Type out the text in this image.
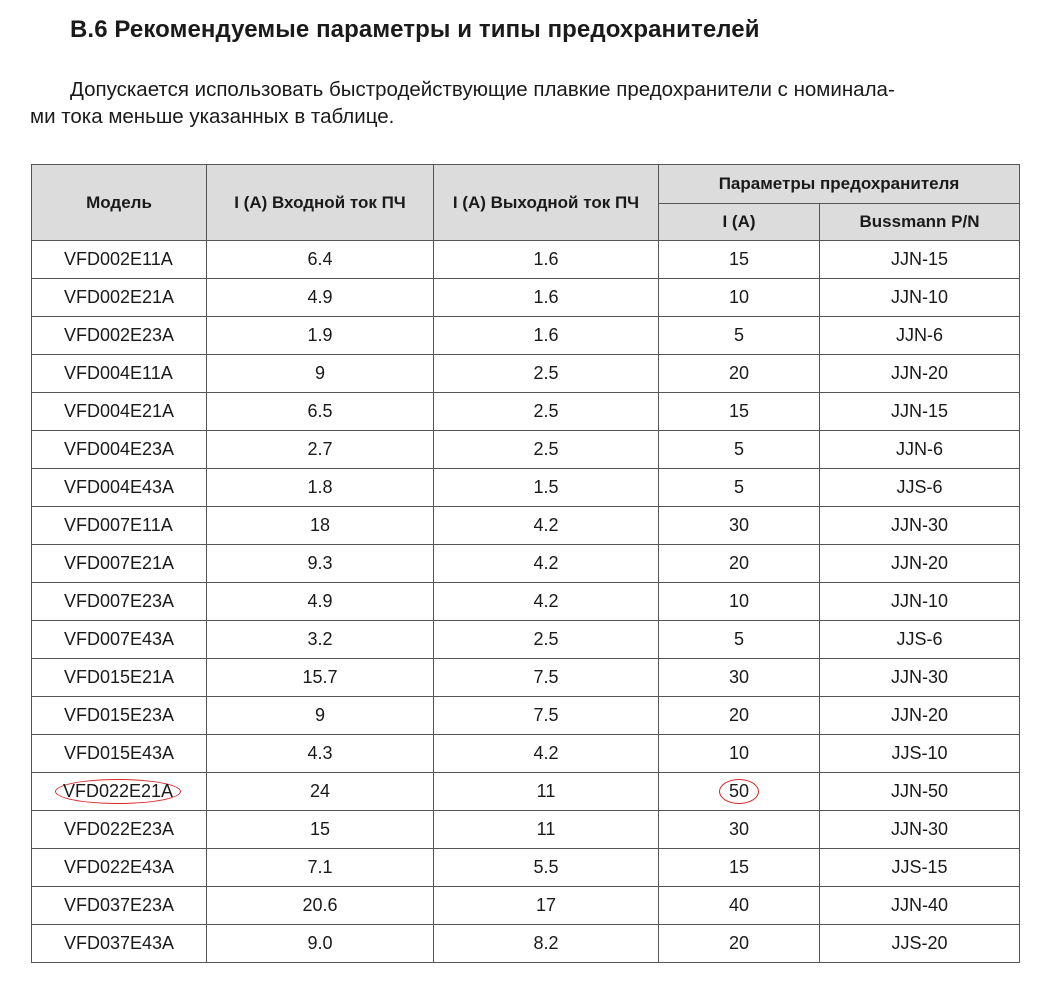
В.6 Рекомендуемые параметры и типы предохранителей
Допускается использовать быстродействующие плавкие предохранители с номинала-
ми тока меньше указанных в таблице.
Модель	I (A) Входной ток ПЧ	I (A) Выходной ток ПЧ	Параметры предохранителя	
			I (A)	Bussmann P/N
VFD002E11A	6.4	1.6	15	JJN-15
VFD002E21A	4.9	1.6	10	JJN-10
VFD002E23A	1.9	1.6	5	JJN-6
VFD004E11A	9	2.5	20	JJN-20
VFD004E21A	6.5	2.5	15	JJN-15
VFD004E23A	2.7	2.5	5	JJN-6
VFD004E43A	1.8	1.5	5	JJS-6
VFD007E11A	18	4.2	30	JJN-30
VFD007E21A	9.3	4.2	20	JJN-20
VFD007E23A	4.9	4.2	10	JJN-10
VFD007E43A	3.2	2.5	5	JJS-6
VFD015E21A	15.7	7.5	30	JJN-30
VFD015E23A	9	7.5	20	JJN-20
VFD015E43A	4.3	4.2	10	JJS-10
VFD022E21A	24	11	50	JJN-50
VFD022E23A	15	11	30	JJN-30
VFD022E43A	7.1	5.5	15	JJS-15
VFD037E23A	20.6	17	40	JJN-40
VFD037E43A	9.0	8.2	20	JJS-20
